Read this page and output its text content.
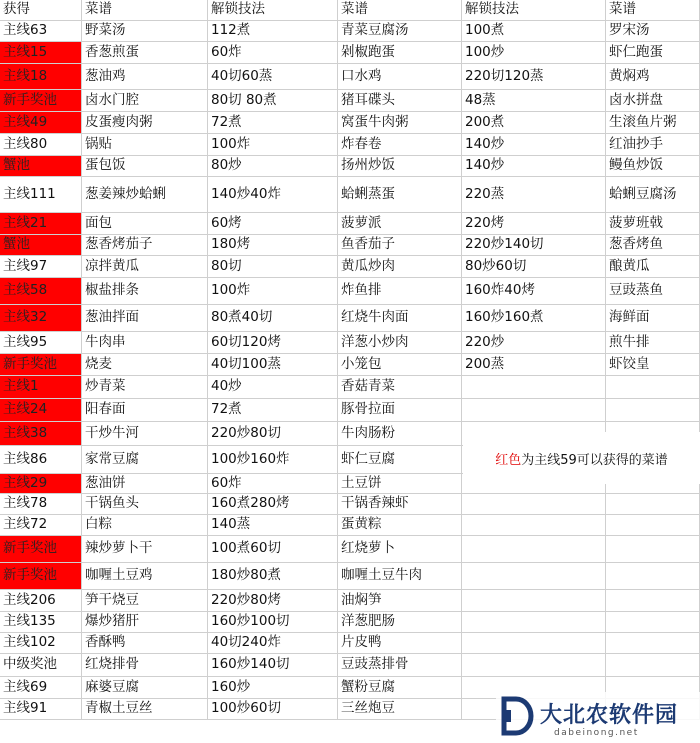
获得	菜谱	解锁技法	菜谱	解锁技法	菜谱
主线63	野菜汤	112煮	青菜豆腐汤	100煮	罗宋汤
主线15	香葱煎蛋	60炸	剁椒跑蛋	100炒	虾仁跑蛋
主线18	葱油鸡	40切60蒸	口水鸡	220切120蒸	黄焖鸡
新手奖池	卤水门腔	80切 80煮	猪耳碟头	48蒸	卤水拼盘
主线49	皮蛋瘦肉粥	72煮	窝蛋牛肉粥	200煮	生滚鱼片粥
主线80	锅贴	100炸	炸春卷	140炒	红油抄手
蟹池	蛋包饭	80炒	扬州炒饭	140炒	鳗鱼炒饭
主线111	葱姜辣炒蛤蜊	140炒40炸	蛤蜊蒸蛋	220蒸	蛤蜊豆腐汤
主线21	面包	60烤	菠萝派	220烤	菠萝班戟
蟹池	葱香烤茄子	180烤	鱼香茄子	220炒140切	葱香烤鱼
主线97	凉拌黄瓜	80切	黄瓜炒肉	80炒60切	酿黄瓜
主线58	椒盐排条	100炸	炸鱼排	160炸40烤	豆豉蒸鱼
主线32	葱油拌面	80煮40切	红烧牛肉面	160炒160煮	海鲜面
主线95	牛肉串	60切120烤	洋葱小炒肉	220炒	煎牛排
新手奖池	烧麦	40切100蒸	小笼包	200蒸	虾饺皇
主线1	炒青菜	40炒	香菇青菜
主线24	阳春面	72煮	豚骨拉面
主线38	干炒牛河	220炒80切	牛肉肠粉
主线86	家常豆腐	100炒160炸	虾仁豆腐
主线29	葱油饼	60炸	土豆饼
主线78	干锅鱼头	160煮280烤	干锅香辣虾
主线72	白粽	140蒸	蛋黄粽
新手奖池	辣炒萝卜干	100煮60切	红烧萝卜
新手奖池	咖喱土豆鸡	180炒80煮	咖喱土豆牛肉
主线206	笋干烧豆	220炒80烤	油焖笋
主线135	爆炒猪肝	160炒100切	洋葱肥肠
主线102	香酥鸭	40切240炸	片皮鸭
中级奖池	红烧排骨	160炒140切	豆豉蒸排骨
主线69	麻婆豆腐	160炒	蟹粉豆腐
主线91	青椒土豆丝	100炒60切	三丝炮豆
红色 为主线59可以获得的菜谱
大北农软件园
dabeinong.net
